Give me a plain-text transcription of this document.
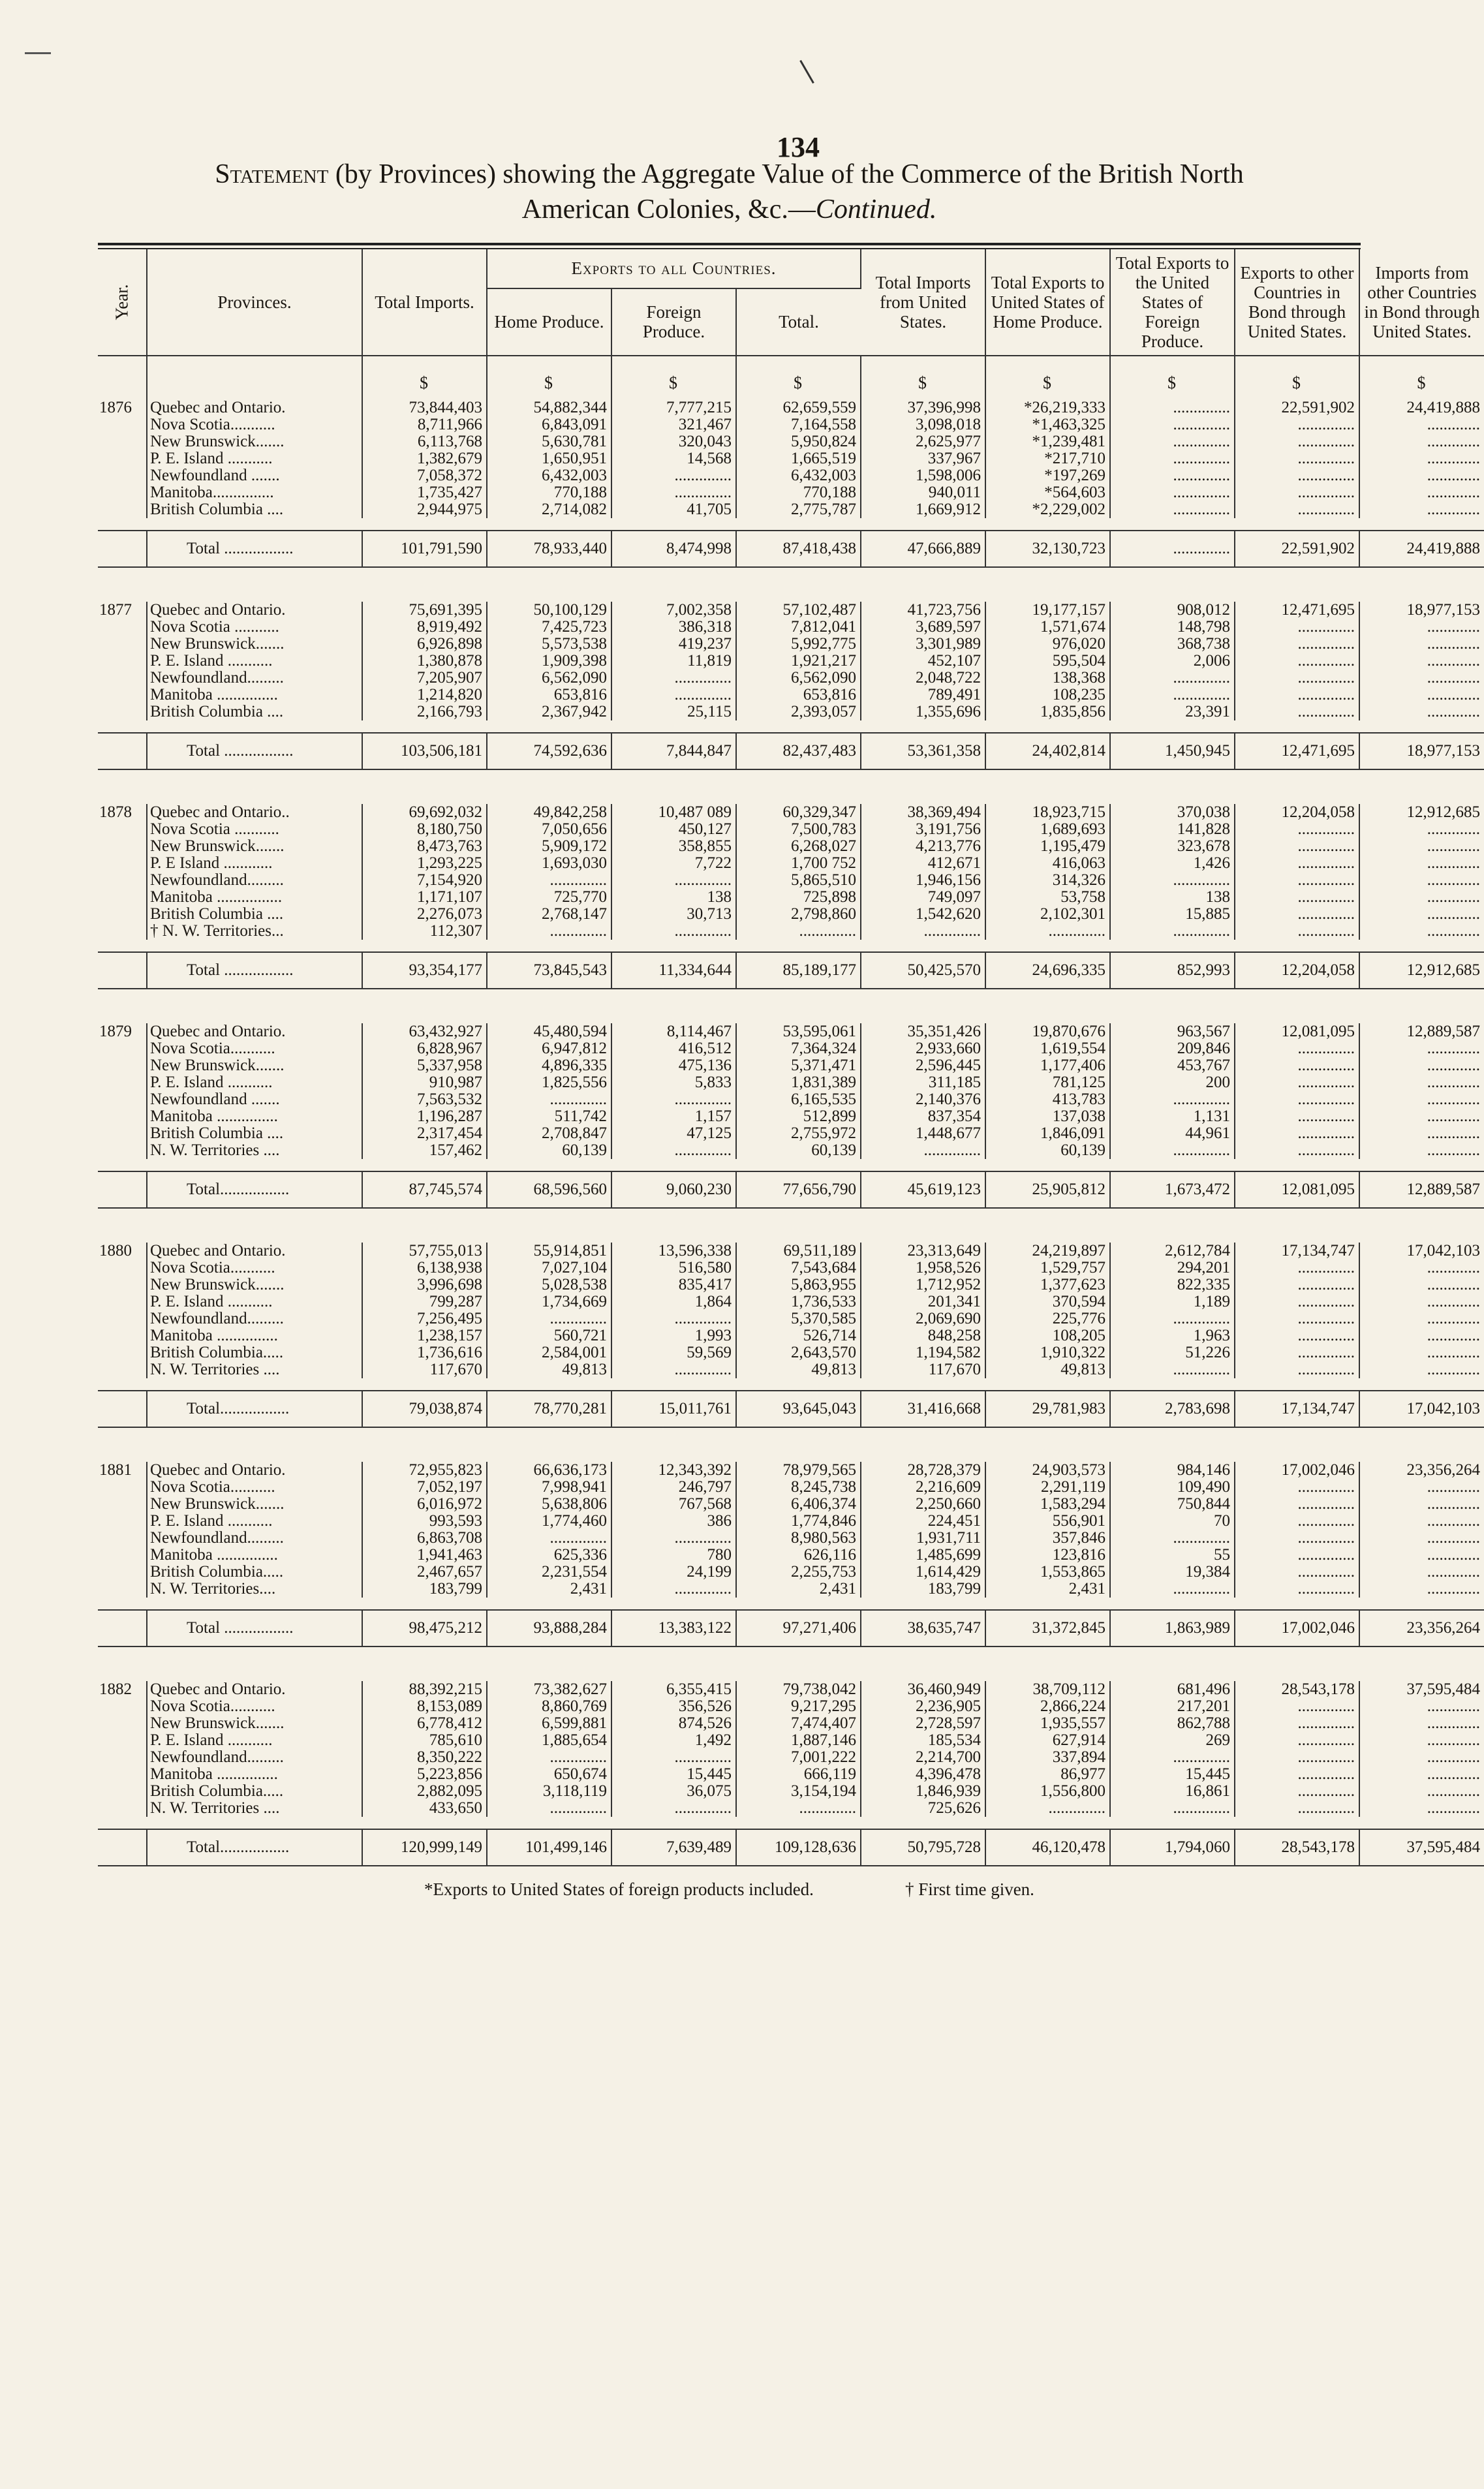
134
Statement (by Provinces) showing the Aggregate Value of the Commerce of the British North
American Colonies, &c.—Continued.
Year.	Provinces.	Total Imports.	Exports to all Countries.			Total Imports from United States.	Total Exports to United States of Home Produce.	Total Exports to the United States of Foreign Produce.	Exports to other Countries in Bond through United States.	Imports from other Countries in Bond through United States.
			Home Produce.	Foreign Produce.	Total.					
		$	$	$	$	$	$	$	$	$
1876	Quebec and Ontario.	73,844,403	54,882,344	7,777,215	62,659,559	37,396,998	*26,219,333	..............	22,591,902	24,419,888
	Nova Scotia...........	8,711,966	6,843,091	321,467	7,164,558	3,098,018	*1,463,325	..............	..............	.............
	New Brunswick.......	6,113,768	5,630,781	320,043	5,950,824	2,625,977	*1,239,481	..............	..............	.............
	P. E. Island ...........	1,382,679	1,650,951	14,568	1,665,519	337,967	*217,710	..............	..............	.............
	Newfoundland .......	7,058,372	6,432,003	..............	6,432,003	1,598,006	*197,269	..............	..............	.............
	Manitoba...............	1,735,427	770,188	..............	770,188	940,011	*564,603	..............	..............	.............
	British Columbia ....	2,944,975	2,714,082	41,705	2,775,787	1,669,912	*2,229,002	..............	..............	.............

	Total .................	101,791,590	78,933,440	8,474,998	87,418,438	47,666,889	32,130,723	..............	22,591,902	24,419,888

1877	Quebec and Ontario.	75,691,395	50,100,129	7,002,358	57,102,487	41,723,756	19,177,157	908,012	12,471,695	18,977,153
	Nova Scotia ...........	8,919,492	7,425,723	386,318	7,812,041	3,689,597	1,571,674	148,798	..............	.............
	New Brunswick.......	6,926,898	5,573,538	419,237	5,992,775	3,301,989	976,020	368,738	..............	.............
	P. E. Island ...........	1,380,878	1,909,398	11,819	1,921,217	452,107	595,504	2,006	..............	.............
	Newfoundland.........	7,205,907	6,562,090	..............	6,562,090	2,048,722	138,368	..............	..............	.............
	Manitoba ...............	1,214,820	653,816	..............	653,816	789,491	108,235	..............	..............	.............
	British Columbia ....	2,166,793	2,367,942	25,115	2,393,057	1,355,696	1,835,856	23,391	..............	.............

	Total .................	103,506,181	74,592,636	7,844,847	82,437,483	53,361,358	24,402,814	1,450,945	12,471,695	18,977,153

1878	Quebec and Ontario..	69,692,032	49,842,258	10,487 089	60,329,347	38,369,494	18,923,715	370,038	12,204,058	12,912,685
	Nova Scotia ...........	8,180,750	7,050,656	450,127	7,500,783	3,191,756	1,689,693	141,828	..............	.............
	New Brunswick.......	8,473,763	5,909,172	358,855	6,268,027	4,213,776	1,195,479	323,678	..............	.............
	P. E Island ............	1,293,225	1,693,030	7,722	1,700 752	412,671	416,063	1,426	..............	.............
	Newfoundland.........	7,154,920	..............	..............	5,865,510	1,946,156	314,326	..............	..............	.............
	Manitoba ................	1,171,107	725,770	138	725,898	749,097	53,758	138	..............	.............
	British Columbia ....	2,276,073	2,768,147	30,713	2,798,860	1,542,620	2,102,301	15,885	..............	.............
	† N. W. Territories...	112,307	..............	..............	..............	..............	..............	..............	..............	.............

	Total .................	93,354,177	73,845,543	11,334,644	85,189,177	50,425,570	24,696,335	852,993	12,204,058	12,912,685

1879	Quebec and Ontario.	63,432,927	45,480,594	8,114,467	53,595,061	35,351,426	19,870,676	963,567	12,081,095	12,889,587
	Nova Scotia...........	6,828,967	6,947,812	416,512	7,364,324	2,933,660	1,619,554	209,846	..............	.............
	New Brunswick.......	5,337,958	4,896,335	475,136	5,371,471	2,596,445	1,177,406	453,767	..............	.............
	P. E. Island ...........	910,987	1,825,556	5,833	1,831,389	311,185	781,125	200	..............	.............
	Newfoundland .......	7,563,532	..............	..............	6,165,535	2,140,376	413,783	..............	..............	.............
	Manitoba ...............	1,196,287	511,742	1,157	512,899	837,354	137,038	1,131	..............	.............
	British Columbia ....	2,317,454	2,708,847	47,125	2,755,972	1,448,677	1,846,091	44,961	..............	.............
	N. W. Territories ....	157,462	60,139	..............	60,139	..............	60,139	..............	..............	.............

	Total.................	87,745,574	68,596,560	9,060,230	77,656,790	45,619,123	25,905,812	1,673,472	12,081,095	12,889,587

1880	Quebec and Ontario.	57,755,013	55,914,851	13,596,338	69,511,189	23,313,649	24,219,897	2,612,784	17,134,747	17,042,103
	Nova Scotia...........	6,138,938	7,027,104	516,580	7,543,684	1,958,526	1,529,757	294,201	..............	.............
	New Brunswick.......	3,996,698	5,028,538	835,417	5,863,955	1,712,952	1,377,623	822,335	..............	.............
	P. E. Island ...........	799,287	1,734,669	1,864	1,736,533	201,341	370,594	1,189	..............	.............
	Newfoundland.........	7,256,495	..............	..............	5,370,585	2,069,690	225,776	..............	..............	.............
	Manitoba ...............	1,238,157	560,721	1,993	526,714	848,258	108,205	1,963	..............	.............
	British Columbia.....	1,736,616	2,584,001	59,569	2,643,570	1,194,582	1,910,322	51,226	..............	.............
	N. W. Territories ....	117,670	49,813	..............	49,813	117,670	49,813	..............	..............	.............

	Total.................	79,038,874	78,770,281	15,011,761	93,645,043	31,416,668	29,781,983	2,783,698	17,134,747	17,042,103

1881	Quebec and Ontario.	72,955,823	66,636,173	12,343,392	78,979,565	28,728,379	24,903,573	984,146	17,002,046	23,356,264
	Nova Scotia...........	7,052,197	7,998,941	246,797	8,245,738	2,216,609	2,291,119	109,490	..............	.............
	New Brunswick.......	6,016,972	5,638,806	767,568	6,406,374	2,250,660	1,583,294	750,844	..............	.............
	P. E. Island ...........	993,593	1,774,460	386	1,774,846	224,451	556,901	70	..............	.............
	Newfoundland.........	6,863,708	..............	..............	8,980,563	1,931,711	357,846	..............	..............	.............
	Manitoba ...............	1,941,463	625,336	780	626,116	1,485,699	123,816	55	..............	.............
	British Columbia.....	2,467,657	2,231,554	24,199	2,255,753	1,614,429	1,553,865	19,384	..............	.............
	N. W. Territories....	183,799	2,431	..............	2,431	183,799	2,431	..............	..............	.............

	Total .................	98,475,212	93,888,284	13,383,122	97,271,406	38,635,747	31,372,845	1,863,989	17,002,046	23,356,264

1882	Quebec and Ontario.	88,392,215	73,382,627	6,355,415	79,738,042	36,460,949	38,709,112	681,496	28,543,178	37,595,484
	Nova Scotia...........	8,153,089	8,860,769	356,526	9,217,295	2,236,905	2,866,224	217,201	..............	.............
	New Brunswick.......	6,778,412	6,599,881	874,526	7,474,407	2,728,597	1,935,557	862,788	..............	.............
	P. E. Island ...........	785,610	1,885,654	1,492	1,887,146	185,534	627,914	269	..............	.............
	Newfoundland.........	8,350,222	..............	..............	7,001,222	2,214,700	337,894	..............	..............	.............
	Manitoba ...............	5,223,856	650,674	15,445	666,119	4,396,478	86,977	15,445	..............	.............
	British Columbia.....	2,882,095	3,118,119	36,075	3,154,194	1,846,939	1,556,800	16,861	..............	.............
	N. W. Territories ....	433,650	..............	..............	..............	725,626	..............	..............	..............	.............

	Total.................	120,999,149	101,499,146	7,639,489	109,128,636	50,795,728	46,120,478	1,794,060	28,543,178	37,595,484
*Exports to United States of foreign products included.	† First time given.
